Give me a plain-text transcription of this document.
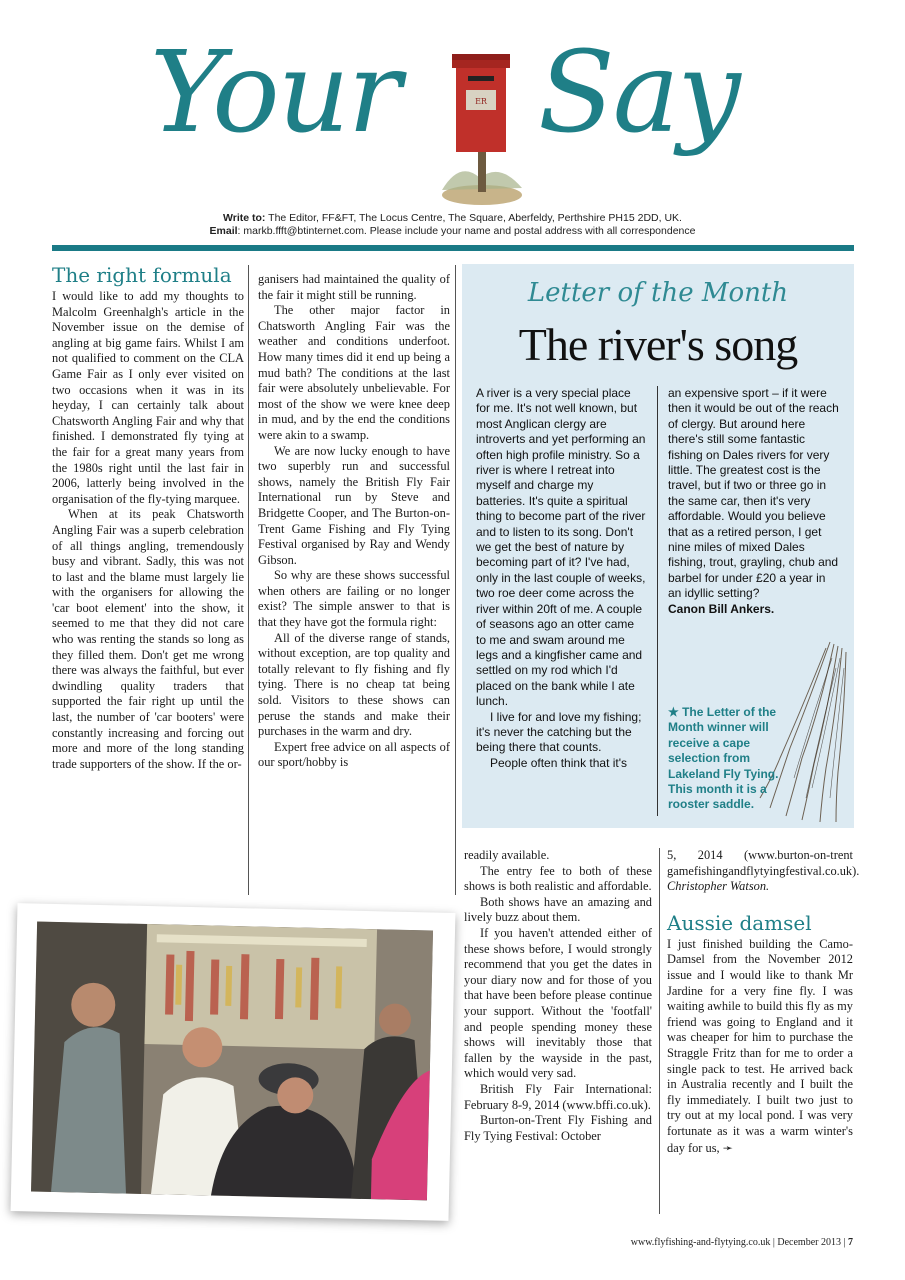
Your	ER Say
Write to: The Editor, FF&FT, The Locus Centre, The Square, Aberfeldy, Perthshire PH15 2DD, UK.
Email: markb.ffft@btinternet.com. Please include your name and postal address with all correspondence
The right formula

I would like to add my thoughts to Malcolm Greenhalgh's article in the November issue on the demise of angling at big game fairs. Whilst I am not qualified to comment on the CLA Game Fair as I only ever visited on two occasions when it was in its heyday, I can certainly talk about Chatsworth Angling Fair and why that finished. I demonstrated fly tying at the fair for a great many years from the 1980s right until the last fair in 2006, latterly being involved in the organisation of the fly-tying marquee.

When at its peak Chatsworth Angling Fair was a superb celebration of all things angling, tremendously busy and vibrant. Sadly, this was not to last and the blame must largely lie with the organisers for allowing the 'car boot element' into the show, it seemed to me that they did not care who was renting the stands so long as they filled them. Don't get me wrong there was always the faithful, but ever dwindling quality traders that supported the fair right up until the last, the number of 'car booters' were constantly increasing and forcing out more and more of the long standing trade supporters of the show. If the or-

ganisers had maintained the quality of the fair it might still be running.

The other major factor in Chatsworth Angling Fair was the weather and conditions underfoot. How many times did it end up being a mud bath? The conditions at the last fair were absolutely unbelievable. For most of the show we were knee deep in mud, and by the end the conditions were akin to a swamp.

We are now lucky enough to have two superbly run and successful shows, namely the British Fly Fair International run by Steve and Bridgette Cooper, and The Burton-on-Trent Game Fishing and Fly Tying Festival organised by Ray and Wendy Gibson.

So why are these shows successful when others are failing or no longer exist? The simple answer to that is that they have got the formula right:

All of the diverse range of stands, without exception, are top quality and totally relevant to fly fishing and fly tying. There is no cheap tat being sold. Visitors to these shows can peruse the stands and make their purchases in the warm and dry.

Expert free advice on all aspects of our sport/hobby is

Letter of the Month
The river's song

A river is a very special place for me. It's not well known, but most Anglican clergy are introverts and yet performing an often high profile ministry. So a river is where I retreat into myself and charge my batteries. It's quite a spiritual thing to become part of the river and to listen to its song. Don't we get the best of nature by becoming part of it? I've had, only in the last couple of weeks, two roe deer come across the river within 20ft of me. A couple of seasons ago an otter came to me and swam around me legs and a kingfisher came and settled on my rod which I'd placed on the bank while I ate lunch.

I live for and love my fishing; it's never the catching but the being there that counts.

People often think that it's

an expensive sport – if it were then it would be out of the reach of clergy. But around here there's still some fantastic fishing on Dales rivers for very little. The greatest cost is the travel, but if two or three go in the same car, then it's very affordable. Would you believe that as a retired person, I get nine miles of mixed Dales fishing, trout, grayling, chub and barbel for under £20 a year in an idyllic setting?

Canon Bill Ankers.

★ The Letter of the Month winner will receive a cape selection from Lakeland Fly Tying. This month it is a rooster saddle.

readily available.

The entry fee to both of these shows is both realistic and affordable.

Both shows have an amazing and lively buzz about them.

If you haven't attended either of these shows before, I would strongly recommend that you get the dates in your diary now and for those of you that have been before please continue your support. Without the 'footfall' and people spending money these shows will inevitably those that fallen by the wayside in the past, which would very sad.

British Fly Fair International: February 8-9, 2014 (www.bffi.co.uk).

Burton-on-Trent Fly Fishing and Fly Tying Festival: October

5, 2014 (www.burton-on-trent gamefishingandflytyingfestival.co.uk).

Christopher Watson.

Aussie damsel

I just finished building the Camo-Damsel from the November 2012 issue and I would like to thank Mr Jardine for a very fine fly. I was waiting awhile to build this fly as my friend was going to England and it was cheaper for him to purchase the Straggle Fritz than for me to order a single pack to test. He arrived back in Australia recently and I built the fly immediately. I built two just to try out at my local pond. I was very fortunate as it was a warm winter's day for us, ➛

www.flyfishing-and-flytying.co.uk | December 2013 | 7
